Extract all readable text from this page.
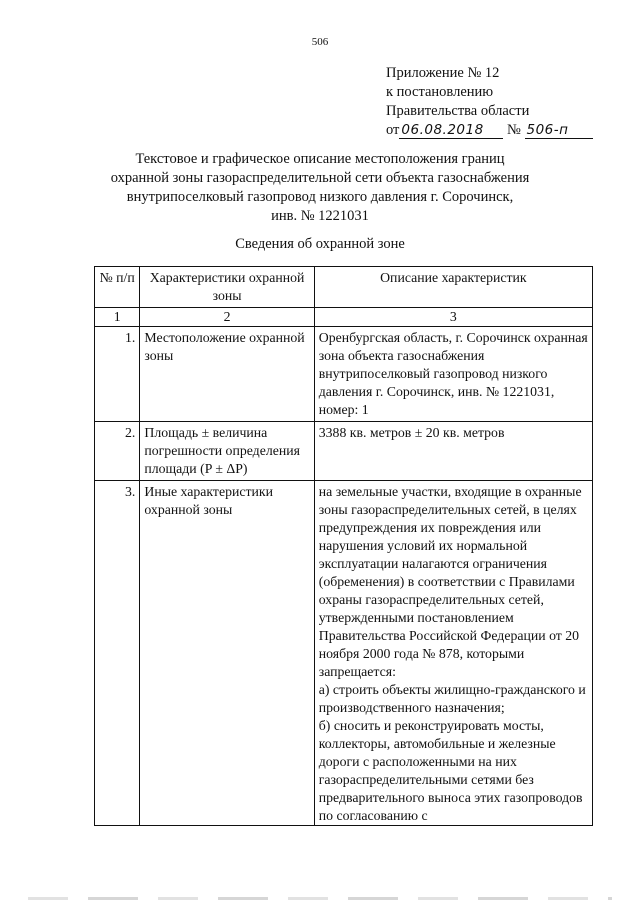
506
Приложение № 12
к постановлению
Правительства области
от 06.08.2018 № 506-п
Текстовое и графическое описание местоположения границ
охранной зоны газораспределительной сети объекта газоснабжения
внутрипоселковый газопровод низкого давления г. Сорочинск,
инв. № 1221031
Сведения об охранной зоне
№ п/п	Характеристики охранной зоны	Описание характеристик
1	2	3
1.	Местоположение охранной зоны	Оренбургская область, г. Сорочинск охранная зона объекта газоснабжения внутрипоселковый газопровод низкого давления г. Сорочинск, инв. № 1221031, номер: 1
2.	Площадь ± величина погрешности определения площади (P ± ΔP)	3388 кв. метров ± 20 кв. метров
3.	Иные характеристики охранной зоны	на земельные участки, входящие в охранные зоны газораспределительных сетей, в целях предупреждения их повреждения или нарушения условий их нормальной эксплуатации налагаются ограничения (обременения) в соответствии с Правилами охраны газораспределительных сетей, утвержденными постановлением Правительства Российской Федерации от 20 ноября 2000 года № 878, которыми запрещается:
а) строить объекты жилищно-гражданского и производственного назначения;
б) сносить и реконструировать мосты, коллекторы, автомобильные и железные дороги с расположенными на них газораспределительными сетями без предварительного выноса этих газопроводов по согласованию с
